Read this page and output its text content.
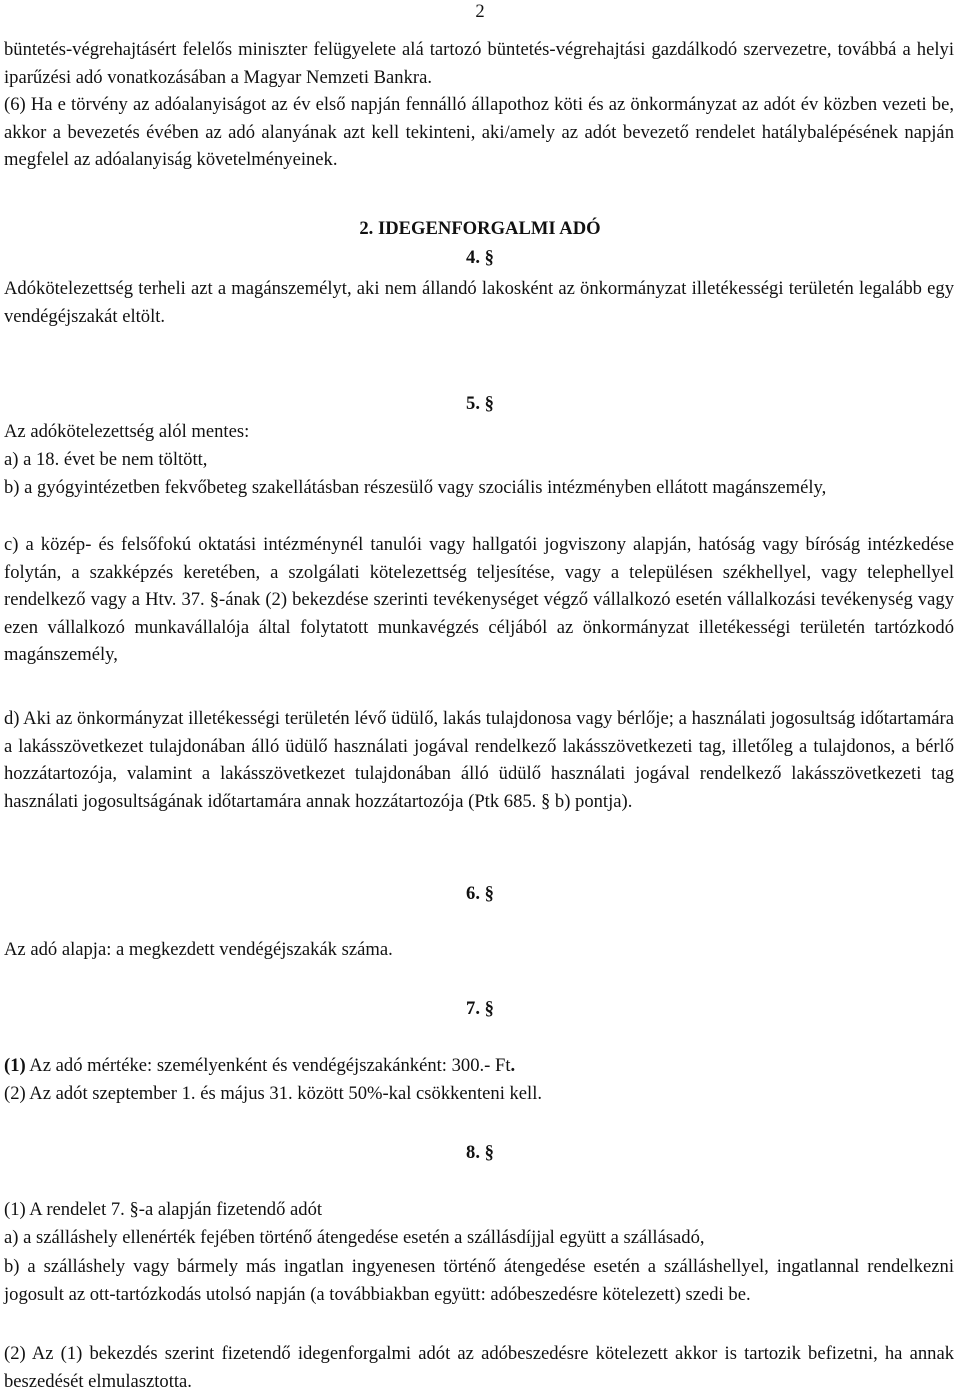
2

büntetés-végrehajtásért felelős miniszter felügyelete alá tartozó büntetés-végrehajtási gazdálkodó szervezetre, továbbá a helyi iparűzési adó vonatkozásában a Magyar Nemzeti Bankra.

(6) Ha e törvény az adóalanyiságot az év első napján fennálló állapothoz köti és az önkormányzat az adót év közben vezeti be, akkor a bevezetés évében az adó alanyának azt kell tekinteni, aki/amely az adót bevezető rendelet hatálybalépésének napján megfelel az adóalanyiság követelményeinek.

2. IDEGENFORGALMI ADÓ
4. §

Adókötelezettség terheli azt a magánszemélyt, aki nem állandó lakosként az önkormányzat illetékességi területén legalább egy vendégéjszakát eltölt.

5. §

Az adókötelezettség alól mentes:

a) a 18. évet be nem töltött,

b) a gyógyintézetben fekvőbeteg szakellátásban részesülő vagy szociális intézményben ellátott magánszemély,

c) a közép- és felsőfokú oktatási intézménynél tanulói vagy hallgatói jogviszony alapján, hatóság vagy bíróság intézkedése folytán, a szakképzés keretében, a szolgálati kötelezettség teljesítése, vagy a településen székhellyel, vagy telephellyel rendelkező vagy a Htv. 37. §-ának (2) bekezdése szerinti tevékenységet végző vállalkozó esetén vállalkozási tevékenység vagy ezen vállalkozó munkavállalója által folytatott munkavégzés céljából az önkormányzat illetékességi területén tartózkodó magánszemély,

d) Aki az önkormányzat illetékességi területén lévő üdülő, lakás tulajdonosa vagy bérlője; a használati jogosultság időtartamára a lakásszövetkezet tulajdonában álló üdülő használati jogával rendelkező lakásszövetkezeti tag, illetőleg a tulajdonos, a bérlő hozzátartozója, valamint a lakásszövetkezet tulajdonában álló üdülő használati jogával rendelkező lakásszövetkezeti tag használati jogosultságának időtartamára annak hozzátartozója (Ptk 685. § b) pontja).

6. §

Az adó alapja: a megkezdett vendégéjszakák száma.

7. §

(1) Az adó mértéke: személyenként és vendégéjszakánként: 300.- Ft.

(2) Az adót szeptember 1. és május 31. között 50%-kal csökkenteni kell.

8. §

(1) A rendelet 7. §-a alapján fizetendő adót

a) a szálláshely ellenérték fejében történő átengedése esetén a szállásdíjjal együtt a szállásadó,

b) a szálláshely vagy bármely más ingatlan ingyenesen történő átengedése esetén a szálláshellyel, ingatlannal rendelkezni jogosult az ott-tartózkodás utolsó napján (a továbbiakban együtt: adóbeszedésre kötelezett) szedi be.

(2) Az (1) bekezdés szerint fizetendő idegenforgalmi adót az adóbeszedésre kötelezett akkor is tartozik befizetni, ha annak beszedését elmulasztotta.
